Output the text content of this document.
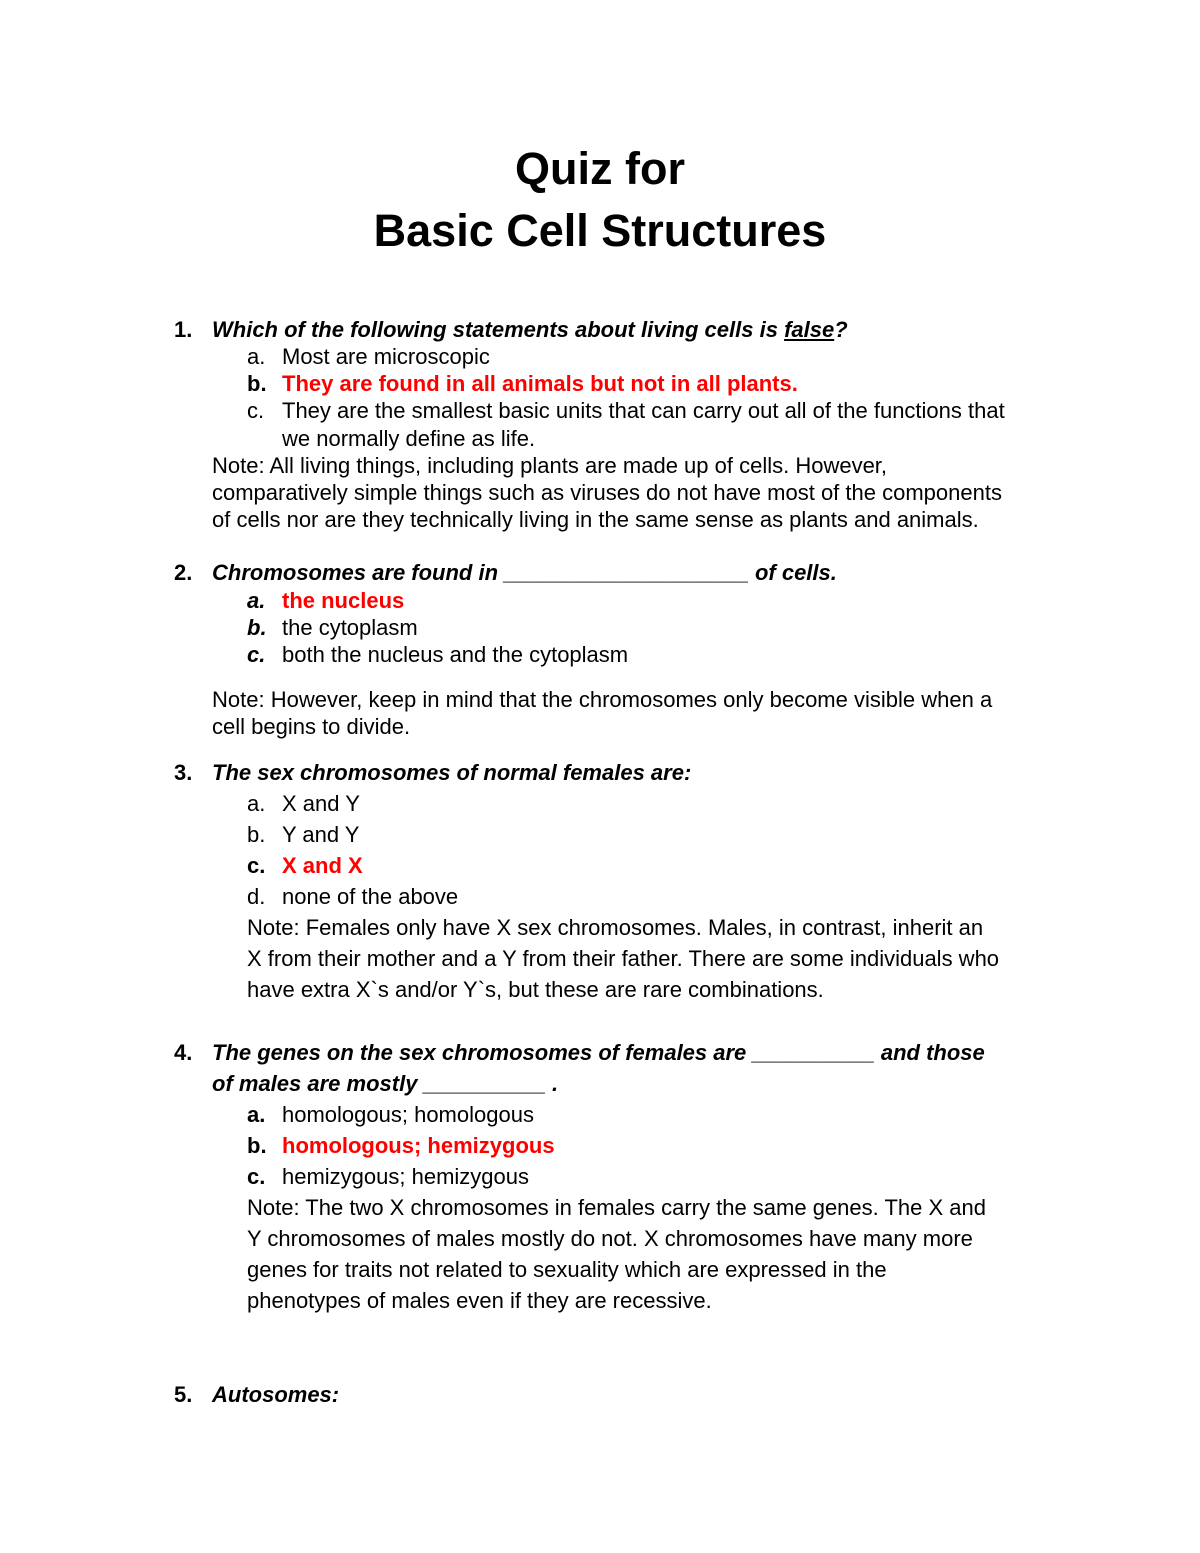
Quiz for
Basic Cell Structures
1. Which of the following statements about living cells is false?
a. Most are microscopic
b. They are found in all animals but not in all plants.
c. They are the smallest basic units that can carry out all of the functions that
we normally define as life.
Note: All living things, including plants are made up of cells. However,
comparatively simple things such as viruses do not have most of the components
of cells nor are they technically living in the same sense as plants and animals.
2. Chromosomes are found in ____________________ of cells.
a. the nucleus
b. the cytoplasm
c. both the nucleus and the cytoplasm
Note: However, keep in mind that the chromosomes only become visible when a
cell begins to divide.
3. The sex chromosomes of normal females are:
a. X and Y
b. Y and Y
c. X and X
d. none of the above
Note: Females only have X sex chromosomes. Males, in contrast, inherit an
X from their mother and a Y from their father. There are some individuals who
have extra X`s and/or Y`s, but these are rare combinations.
4. The genes on the sex chromosomes of females are __________ and those
of males are mostly __________ .
a. homologous; homologous
b. homologous; hemizygous
c. hemizygous; hemizygous
Note: The two X chromosomes in females carry the same genes. The X and
Y chromosomes of males mostly do not. X chromosomes have many more
genes for traits not related to sexuality which are expressed in the
phenotypes of males even if they are recessive.
5. Autosomes:
